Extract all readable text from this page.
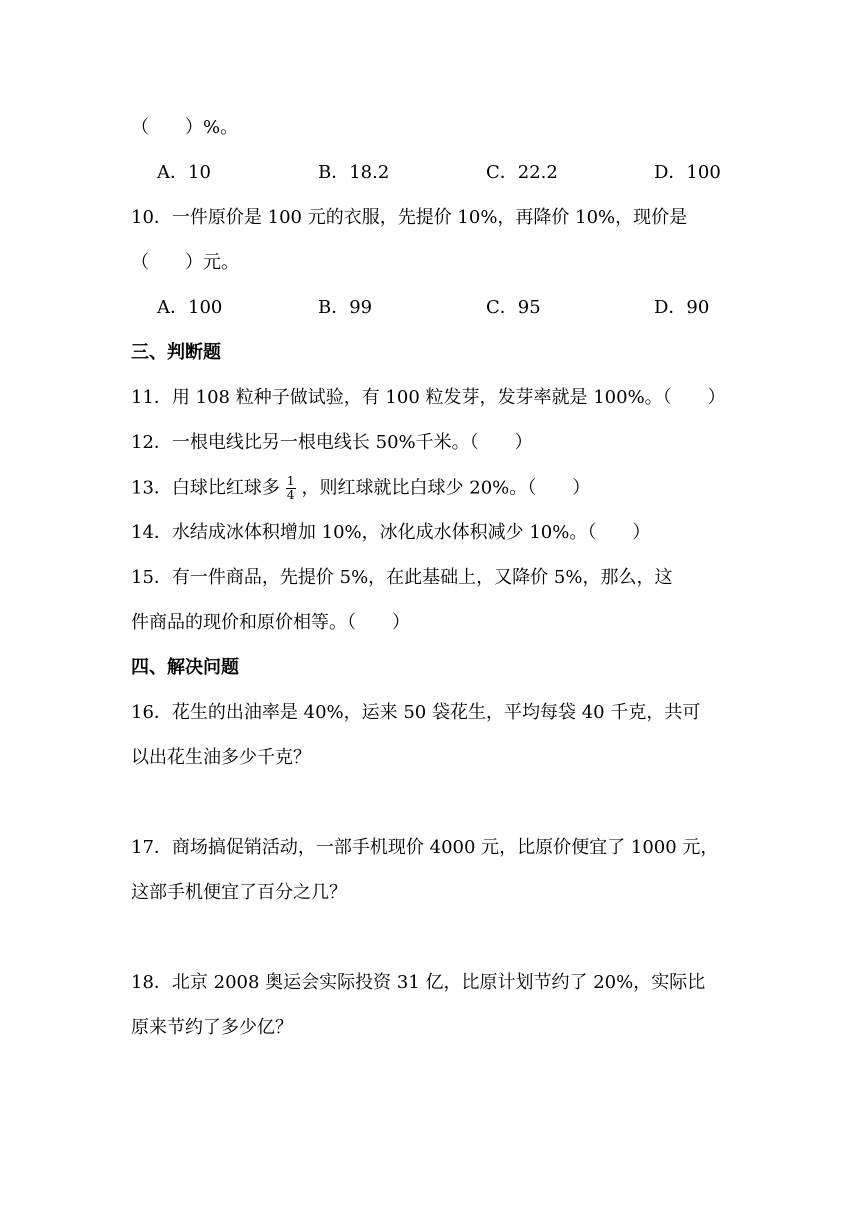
（　　）%。
A．10	B．18.2	C．22.2	D．100
10．一件原价是 100 元的衣服，先提价 10%，再降价 10%，现价是
（　　）元。
A．100	B．99	C．95	D．90
三、判断题
11．用 108 粒种子做试验，有 100 粒发芽，发芽率就是 100%。（　　）
12．一根电线比另一根电线长 50%千米。（　　）
13．白球比红球多 $\frac{1}{4}$ ，则红球就比白球少 20%。（　　）
14．水结成冰体积增加 10%，冰化成水体积减少 10%。（　　）
15．有一件商品，先提价 5%，在此基础上，又降价 5%，那么，这
件商品的现价和原价相等。（　　）
四、解决问题
16．花生的出油率是 40%，运来 50 袋花生，平均每袋 40 千克，共可
以出花生油多少千克？
17．商场搞促销活动，一部手机现价 4000 元，比原价便宜了 1000 元，
这部手机便宜了百分之几？
18．北京 2008 奥运会实际投资 31 亿，比原计划节约了 20%，实际比
原来节约了多少亿？
